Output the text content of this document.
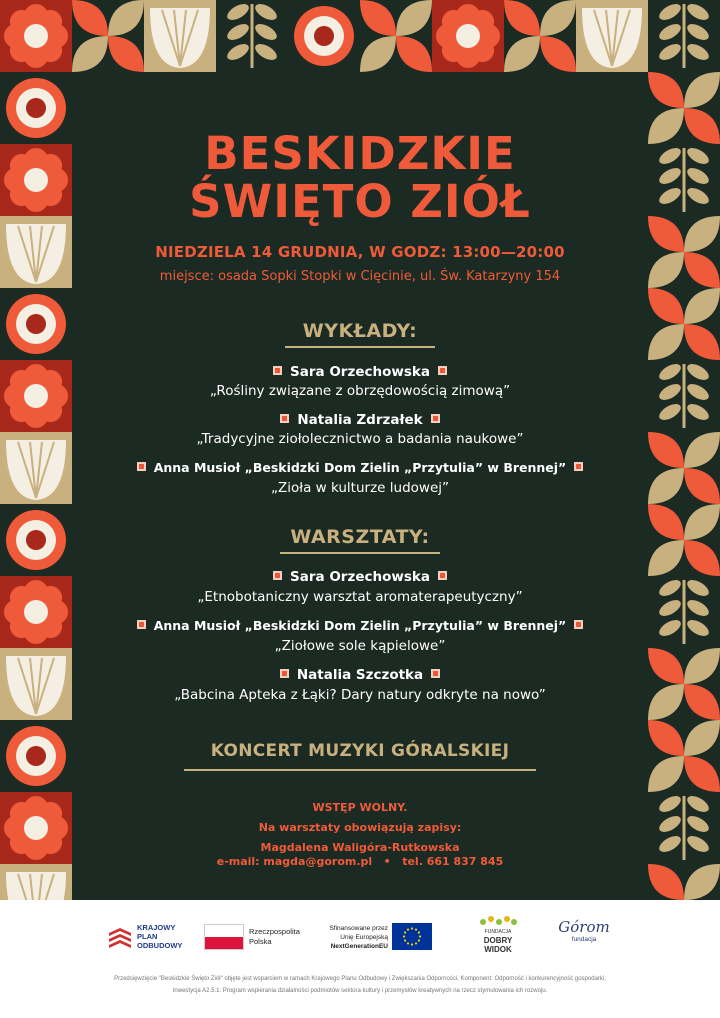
BESKIDZKIE
ŚWIĘTO ZIÓŁ
NIEDZIELA 14 GRUDNIA, W GODZ: 13:00—20:00
miejsce: osada Sopki Stopki w Cięcinie, ul. Św. Katarzyny 154
WYKŁADY:
Sara Orzechowska
„Rośliny związane z obrzędowością zimową”
Natalia Zdrzałek
„Tradycyjne ziołolecznictwo a badania naukowe”
Anna Musioł „Beskidzki Dom Zielin „Przytulia” w Brennej”
„Zioła w kulturze ludowej”
WARSZTATY:
Sara Orzechowska
„Etnobotaniczny warsztat aromaterapeutyczny”
Anna Musioł „Beskidzki Dom Zielin „Przytulia” w Brennej”
„Ziołowe sole kąpielowe”
Natalia Szczotka
„Babcina Apteka z Łąki? Dary natury odkryte na nowo”
KONCERT MUZYKI GÓRALSKIEJ
WSTĘP WOLNY.
Na warsztaty obowiązują zapisy:
Magdalena Waligóra-Rutkowska
e-mail: magda@gorom.pl • tel. 661 837 845
KRAJOWY
PLAN
ODBUDOWY
Rzeczpospolita
Polska
Sfinansowane przez
Unię Europejską
NextGenerationEU
FUNDACJA
DOBRY
WIDOK
Górom
fundacja
Przedsięwzięcie "Beskidzkie Święto Ziół" objęte jest wsparciem w ramach Krajowego Planu Odbudowy i Zwiększania Odporności, Komponent: Odporność i konkurencyjność gospodarki;
Inwestycja A2.5.1: Program wspierania działalności podmiotów sektora kultury i przemysłów kreatywnych na rzecz stymulowania ich rozwoju.
